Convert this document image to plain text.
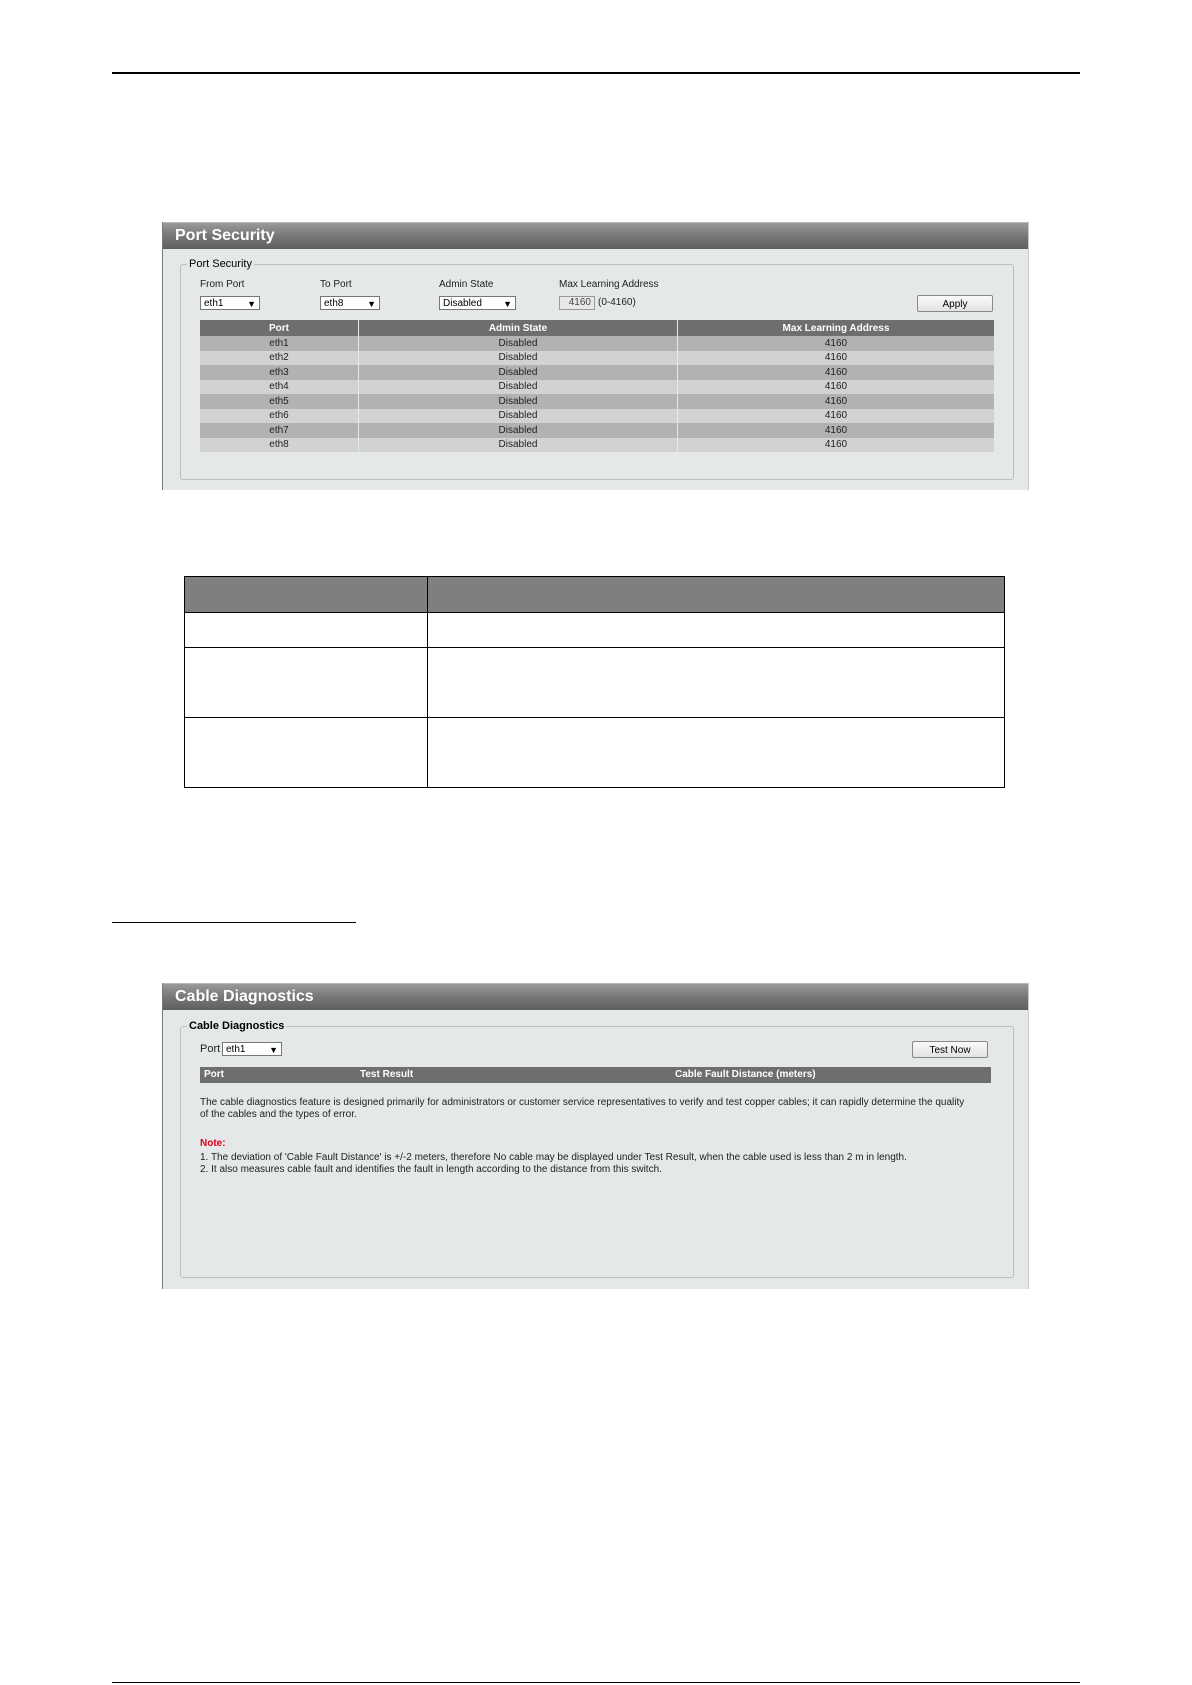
Port Security
Port Security
From Port
eth1	▼
To Port
eth8	▼
Admin State
Disabled ▼
Max Learning Address
4160 (0-4160)	Apply
Port	Admin State	Max Learning Address
eth1	Disabled	4160
eth2	Disabled	4160
eth3	Disabled	4160
eth4	Disabled	4160
eth5	Disabled	4160
eth6	Disabled	4160
eth7	Disabled	4160
eth8	Disabled	4160

Cable Diagnostics
Cable Diagnostics
Port eth1	▼	Test Now
Port	Test Result	Cable Fault Distance (meters)
The cable diagnostics feature is designed primarily for administrators or customer service representatives to verify and test copper cables; it can rapidly determine the quality
of the cables and the types of error.
Note:
1. The deviation of 'Cable Fault Distance' is +/-2 meters, therefore No cable may be displayed under Test Result, when the cable used is less than 2 m in length.
2. It also measures cable fault and identifies the fault in length according to the distance from this switch.
